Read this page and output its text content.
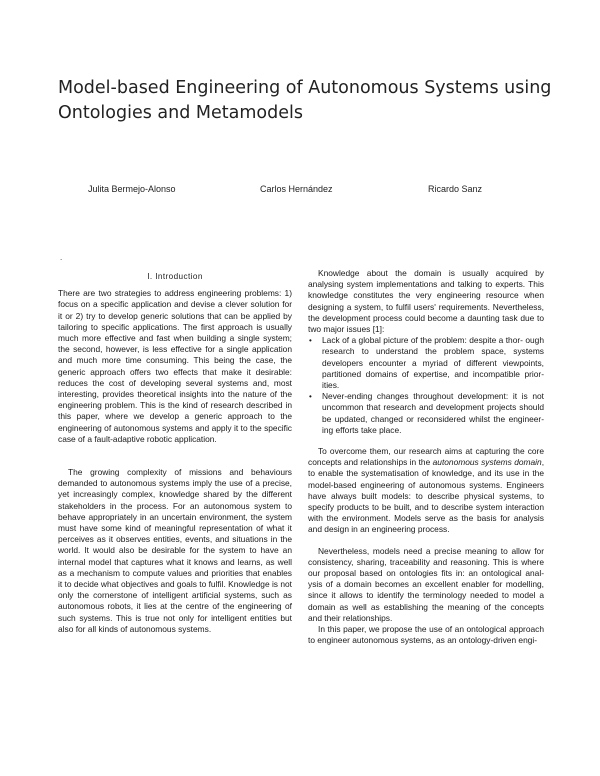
Model-based Engineering of Autonomous Systems using
Ontologies and Metamodels
Julita Bermejo-Alonso	Carlos Hernández	Ricardo Sanz
.

I. Introduction

There are two strategies to address engineering problems: 1) focus on a specific application and devise a clever solution for it or 2) try to develop generic solutions that can be applied by tailoring to specific applications. The first approach is usually much more effective and fast when building a single system; the second, however, is less effective for a single application and much more time consuming. This being the case, the generic approach offers two effects that make it desirable: reduces the cost of developing several systems and, most interesting, provides theoretical insights into the nature of the engineering problem. This is the kind of research described in this paper, where we develop a generic approach to the engineering of autonomous systems and apply it to the specific case of a fault-adaptive robotic application.

The growing complexity of missions and behaviours demanded to autonomous systems imply the use of a precise, yet increasingly complex, knowledge shared by the different stakeholders in the process. For an autonomous system to behave appropriately in an uncertain environment, the system must have some kind of meaningful representation of what it perceives as it observes entities, events, and situations in the world. It would also be desirable for the system to have an internal model that captures what it knows and learns, as well as a mechanism to compute values and priorities that enables it to decide what objectives and goals to fulfil. Knowledge is not only the cornerstone of intelligent artificial systems, such as autonomous robots, it lies at the centre of the engineering of such systems. This is true not only for intelligent entities but also for all kinds of autonomous systems.

Knowledge about the domain is usually acquired by analysing system implementations and talking to experts. This knowledge constitutes the very engineering resource when designing a system, to fulfil users' requirements. Nevertheless, the development process could become a daunting task due to two major issues [1]:

• Lack of a global picture of the problem: despite a thor- ough research to understand the problem space, systems developers encounter a myriad of different viewpoints, partitioned domains of expertise, and incompatible prior- ities.
• Never-ending changes throughout development: it is not uncommon that research and development projects should be updated, changed or reconsidered whilst the engineer- ing efforts take place.

To overcome them, our research aims at capturing the core concepts and relationships in the autonomous systems domain, to enable the systematisation of knowledge, and its use in the model-based engineering of autonomous systems. Engineers have always built models: to describe physical systems, to specify products to be built, and to describe system interaction with the environment. Models serve as the basis for analysis and design in an engineering process.

Nevertheless, models need a precise meaning to allow for consistency, sharing, traceability and reasoning. This is where our proposal based on ontologies fits in: an ontological anal- ysis of a domain becomes an excellent enabler for modelling, since it allows to identify the terminology needed to model a domain as well as establishing the meaning of the concepts and their relationships.

In this paper, we propose the use of an ontological approach to engineer autonomous systems, as an ontology-driven engi-
